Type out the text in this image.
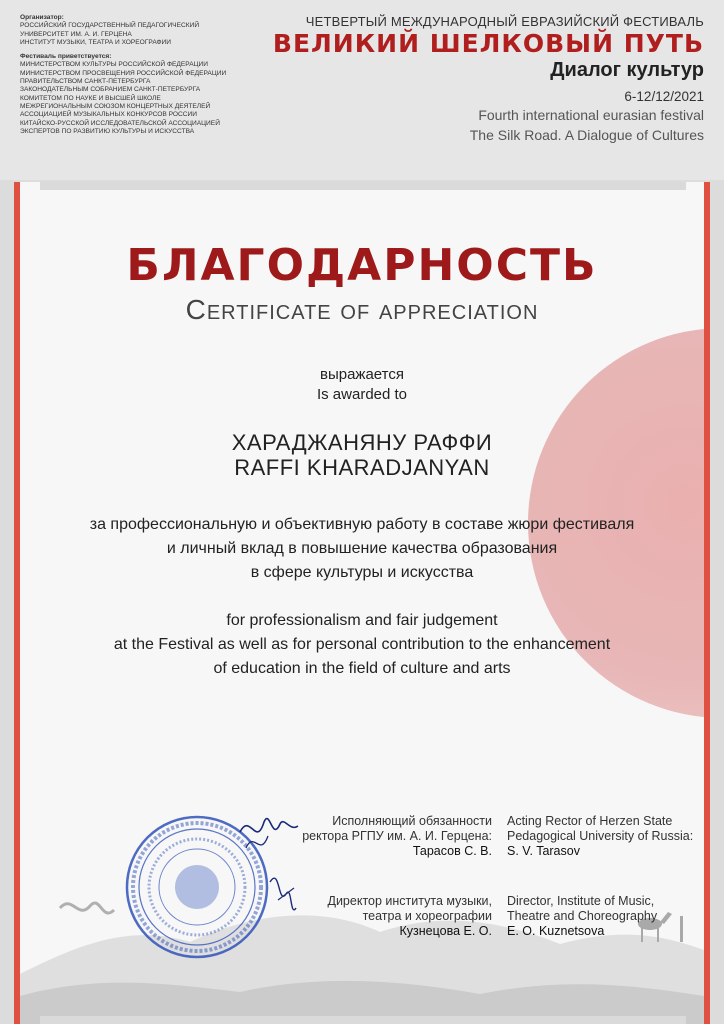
Организатор:
РОССИЙСКИЙ ГОСУДАРСТВЕННЫЙ ПЕДАГОГИЧЕСКИЙ
УНИВЕРСИТЕТ ИМ. А. И. ГЕРЦЕНА
ИНСТИТУТ МУЗЫКИ, ТЕАТРА И ХОРЕОГРАФИИ
Фестиваль приветствуется:
МИНИСТЕРСТВОМ КУЛЬТУРЫ РОССИЙСКОЙ ФЕДЕРАЦИИ
МИНИСТЕРСТВОМ ПРОСВЕЩЕНИЯ РОССИЙСКОЙ ФЕДЕРАЦИИ
ПРАВИТЕЛЬСТВОМ САНКТ-ПЕТЕРБУРГА
ЗАКОНОДАТЕЛЬНЫМ СОБРАНИЕМ САНКТ-ПЕТЕРБУРГА
КОМИТЕТОМ ПО НАУКЕ И ВЫСШЕЙ ШКОЛЕ
МЕЖРЕГИОНАЛЬНЫМ СОЮЗОМ КОНЦЕРТНЫХ ДЕЯТЕЛЕЙ
АССОЦИАЦИЕЙ МУЗЫКАЛЬНЫХ КОНКУРСОВ РОССИИ
КИТАЙСКО-РУССКОЙ ИССЛЕДОВАТЕЛЬСКОЙ АССОЦИАЦИЕЙ
ЭКСПЕРТОВ ПО РАЗВИТИЮ КУЛЬТУРЫ И ИСКУССТВА
ЧЕТВЕРТЫЙ МЕЖДУНАРОДНЫЙ ЕВРАЗИЙСКИЙ ФЕСТИВАЛЬ
ВЕЛИКИЙ ШЕЛКОВЫЙ ПУТЬ
Диалог культур
6-12/12/2021
Fourth international eurasian festival
The Silk Road. A Dialogue of Cultures
БЛАГОДАРНОСТЬ
Certificate of appreciation
выражается
Is awarded to
ХАРАДЖАНЯНУ РАФФИ
RAFFI KHARADJANYAN
за профессиональную и объективную работу в составе жюри фестиваля
и личный вклад в повышение качества образования
в сфере культуры и искусства
for professionalism and fair judgement
at the Festival as well as for personal contribution to the enhancement
of education in the field of culture and arts
Исполняющий обязанности
ректора РГПУ им. А. И. Герцена:
Тарасов С. В.
Acting Rector of Herzen State
Pedagogical University of Russia:
S. V. Tarasov
Директор института музыки,
театра и хореографии
Кузнецова Е. О.
Director, Institute of Music,
Theatre and Choreography
E. O. Kuznetsova
